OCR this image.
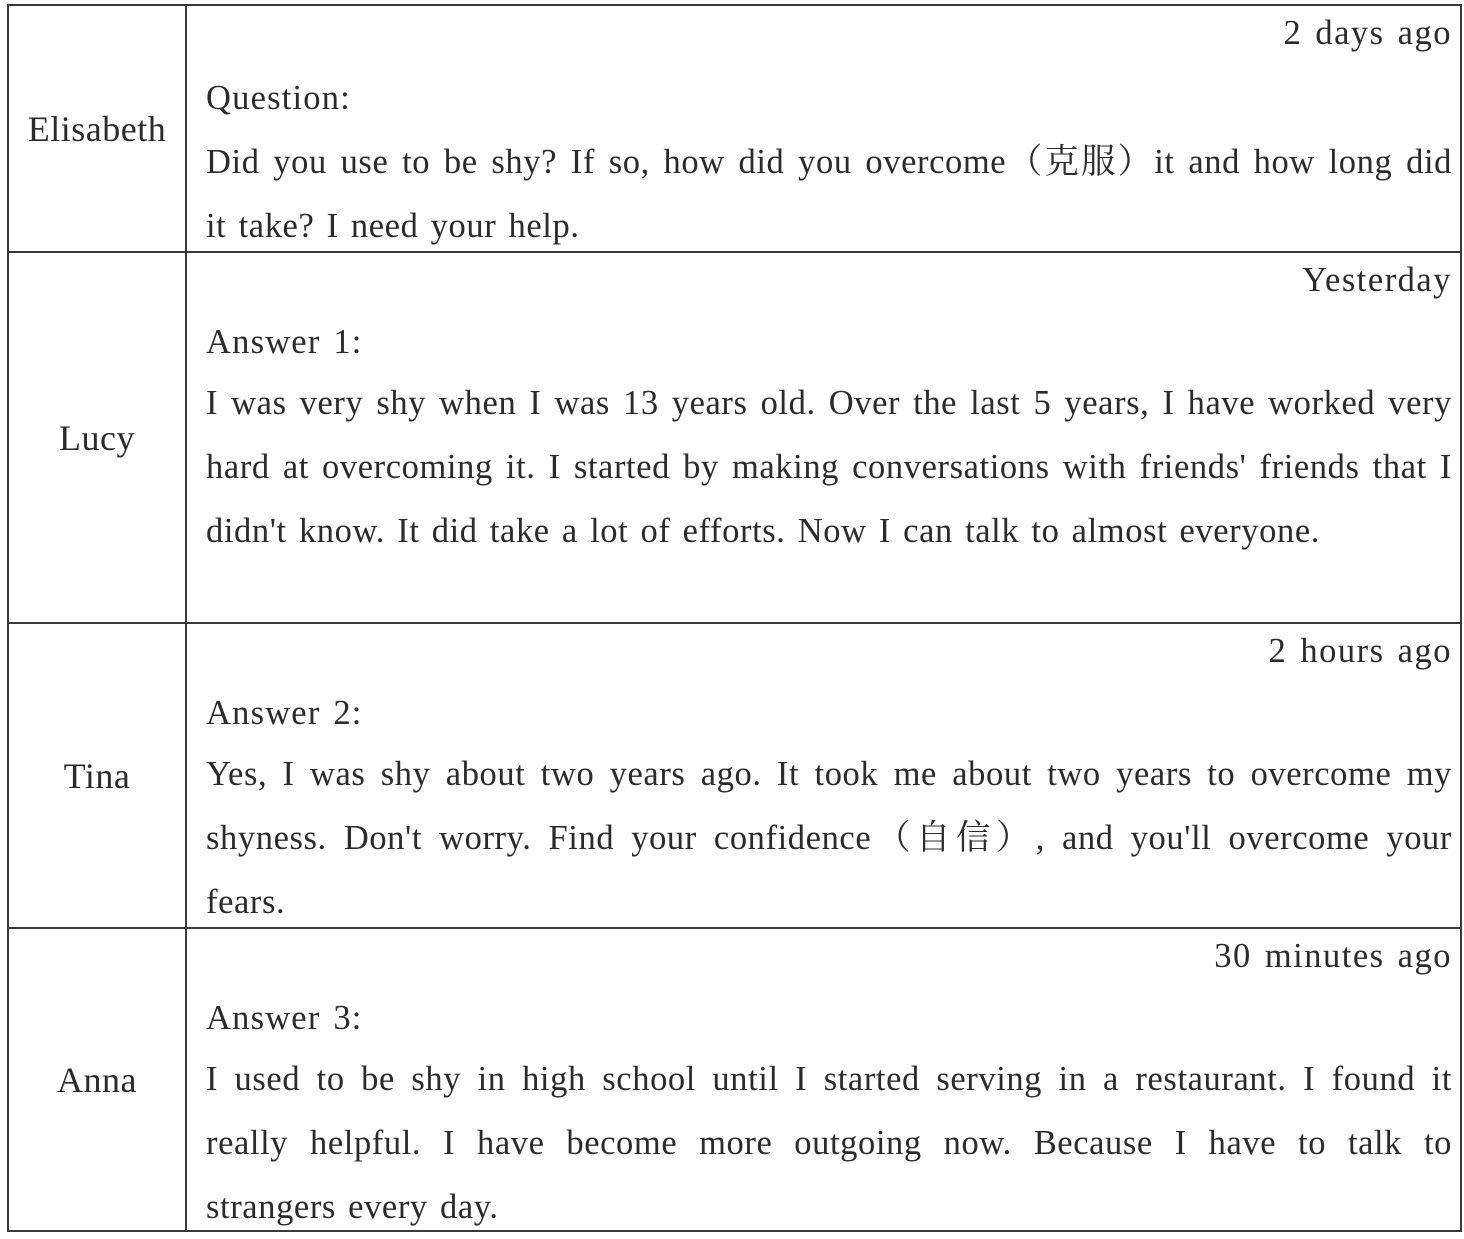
Elisabeth
2 days ago
Question:
Did you use to be shy? If so, how did you overcome（克服）it and how long did it take? I need your help.
Lucy
Yesterday
Answer 1:
I was very shy when I was 13 years old. Over the last 5 years, I have worked very hard at overcoming it. I started by making conversations with friends' friends that I didn't know. It did take a lot of efforts. Now I can talk to almost everyone.
Tina
2 hours ago
Answer 2:
Yes, I was shy about two years ago. It took me about two years to overcome my shyness. Don't worry. Find your confidence（自信）, and you'll overcome your fears.
Anna
30 minutes ago
Answer 3:
I used to be shy in high school until I started serving in a restaurant. I found it really helpful. I have become more outgoing now. Because I have to talk to strangers every day.
